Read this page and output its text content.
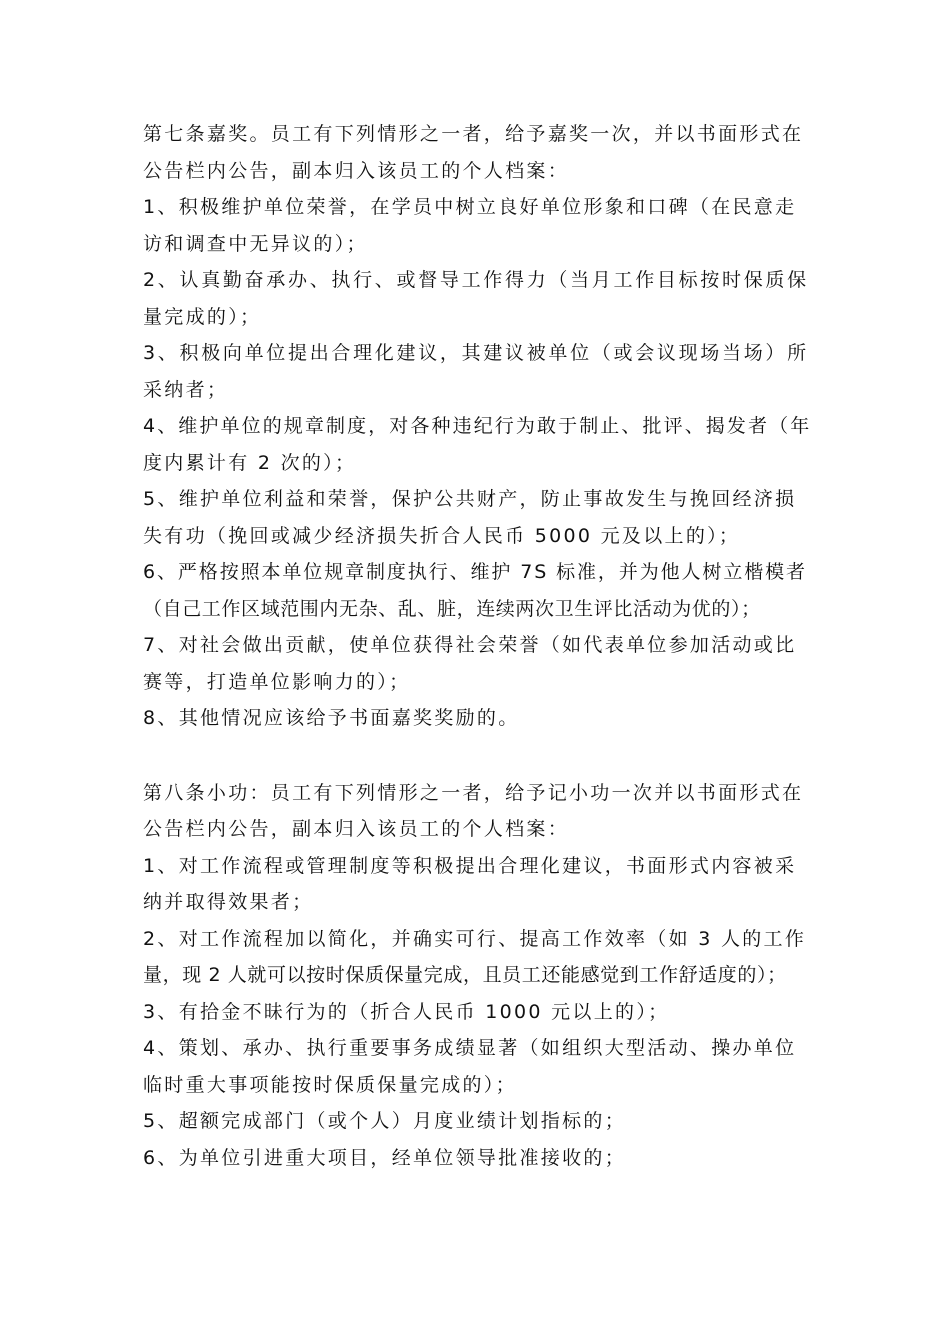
第七条嘉奖。员工有下列情形之一者，给予嘉奖一次，并以书面形式在
公告栏内公告，副本归入该员工的个人档案：
1、积极维护单位荣誉，在学员中树立良好单位形象和口碑（在民意走
访和调查中无异议的）；
2、认真勤奋承办、执行、或督导工作得力（当月工作目标按时保质保
量完成的）；
3、积极向单位提出合理化建议，其建议被单位（或会议现场当场）所
采纳者；
4、维护单位的规章制度，对各种违纪行为敢于制止、批评、揭发者（年
度内累计有 2 次的）；
5、维护单位利益和荣誉，保护公共财产，防止事故发生与挽回经济损
失有功（挽回或减少经济损失折合人民币 5000 元及以上的）；
6、严格按照本单位规章制度执行、维护 7S 标准，并为他人树立楷模者
（自己工作区域范围内无杂、乱、脏，连续两次卫生评比活动为优的）；
7、对社会做出贡献，使单位获得社会荣誉（如代表单位参加活动或比
赛等，打造单位影响力的）；
8、其他情况应该给予书面嘉奖奖励的。
第八条小功：员工有下列情形之一者，给予记小功一次并以书面形式在
公告栏内公告，副本归入该员工的个人档案：
1、对工作流程或管理制度等积极提出合理化建议，书面形式内容被采
纳并取得效果者；
2、对工作流程加以简化，并确实可行、提高工作效率（如 3 人的工作
量，现 2 人就可以按时保质保量完成，且员工还能感觉到工作舒适度的）；
3、有拾金不昧行为的（折合人民币 1000 元以上的）；
4、策划、承办、执行重要事务成绩显著（如组织大型活动、操办单位
临时重大事项能按时保质保量完成的）；
5、超额完成部门（或个人）月度业绩计划指标的；
6、为单位引进重大项目，经单位领导批准接收的；
